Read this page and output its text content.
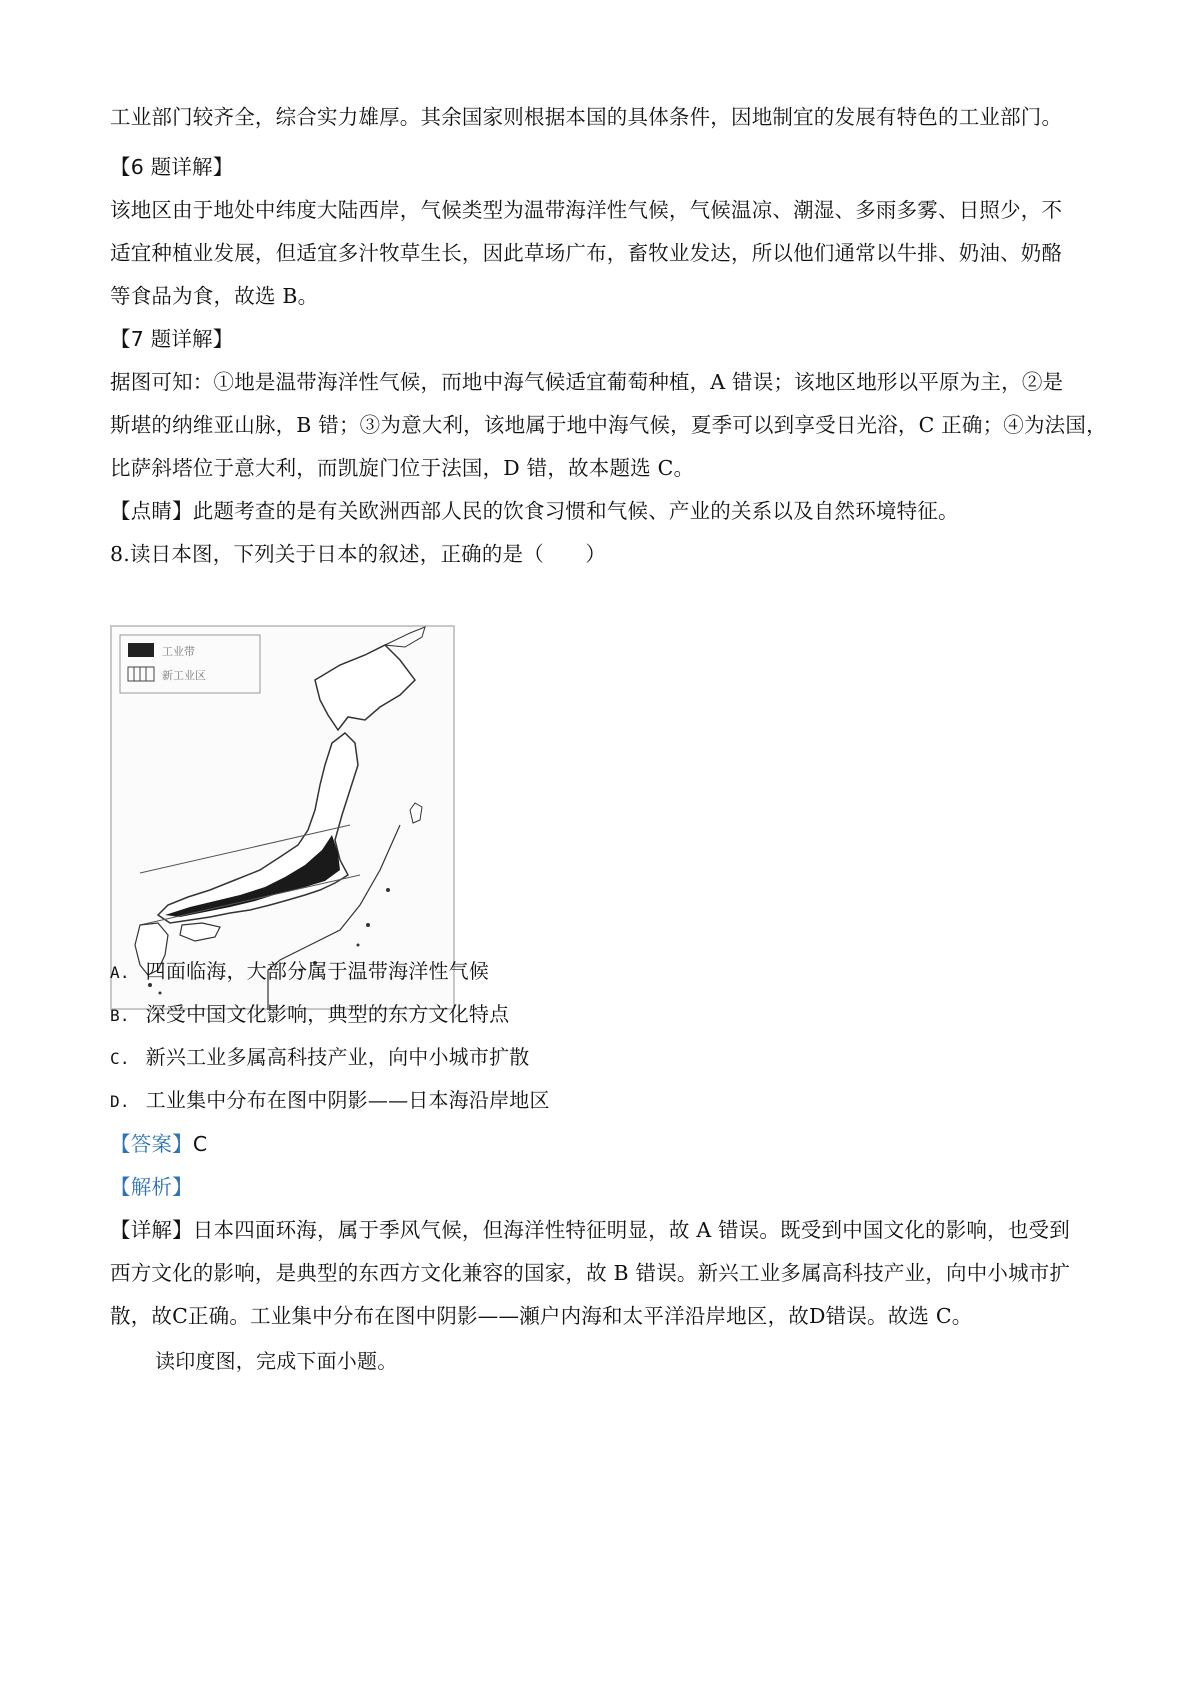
工业部门较齐全，综合实力雄厚。其余国家则根据本国的具体条件，因地制宜的发展有特色的工业部门。
【6 题详解】
该地区由于地处中纬度大陆西岸，气候类型为温带海洋性气候，气候温凉、潮湿、多雨多雾、日照少，不
适宜种植业发展，但适宜多汁牧草生长，因此草场广布，畜牧业发达，所以他们通常以牛排、奶油、奶酪
等食品为食，故选 B。
【7 题详解】
据图可知：①地是温带海洋性气候，而地中海气候适宜葡萄种植，A 错误；该地区地形以平原为主，②是
斯堪的纳维亚山脉，B 错；③为意大利，该地属于地中海气候，夏季可以到享受日光浴，C 正确；④为法国，
比萨斜塔位于意大利，而凯旋门位于法国，D 错，故本题选 C。
【点睛】此题考查的是有关欧洲西部人民的饮食习惯和气候、产业的关系以及自然环境特征。
8.读日本图，下列关于日本的叙述，正确的是（　　）
工业带
新工业区
A. 四面临海，大部分属于温带海洋性气候
B. 深受中国文化影响，典型的东方文化特点
C. 新兴工业多属高科技产业，向中小城市扩散
D. 工业集中分布在图中阴影——日本海沿岸地区
【答案】C
【解析】
【详解】日本四面环海，属于季风气候，但海洋性特征明显，故 A 错误。既受到中国文化的影响，也受到
西方文化的影响，是典型的东西方文化兼容的国家，故 B 错误。新兴工业多属高科技产业，向中小城市扩
散，故C正确。工业集中分布在图中阴影——瀬户内海和太平洋沿岸地区，故D错误。故选 C。
读印度图，完成下面小题。
